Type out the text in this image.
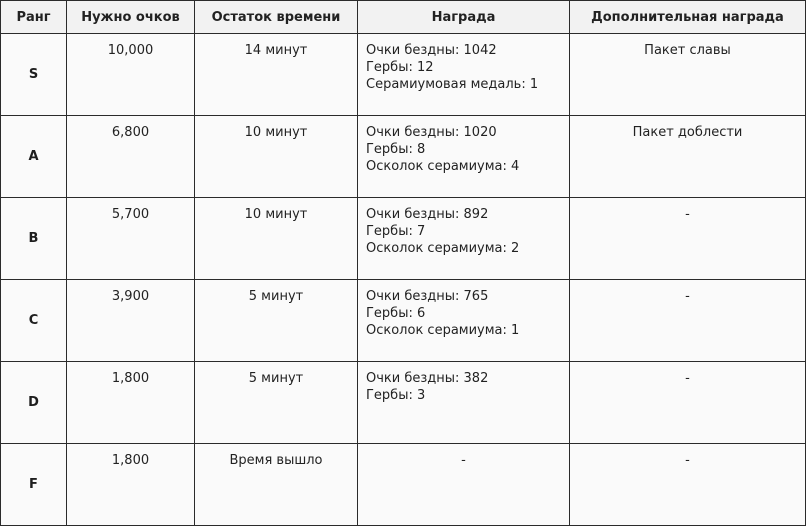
Ранг	Нужно очков	Остаток времени	Награда	Дополнительная награда
S	10,000	14 минут	Очки бездны: 1042
Гербы: 12
Серамиумовая медаль: 1	Пакет славы
A	6,800	10 минут	Очки бездны: 1020
Гербы: 8
Осколок серамиума: 4	Пакет доблести
B	5,700	10 минут	Очки бездны: 892
Гербы: 7
Осколок серамиума: 2	-
C	3,900	5 минут	Очки бездны: 765
Гербы: 6
Осколок серамиума: 1	-
D	1,800	5 минут	Очки бездны: 382
Гербы: 3	-
F	1,800	Время вышло	-	-
